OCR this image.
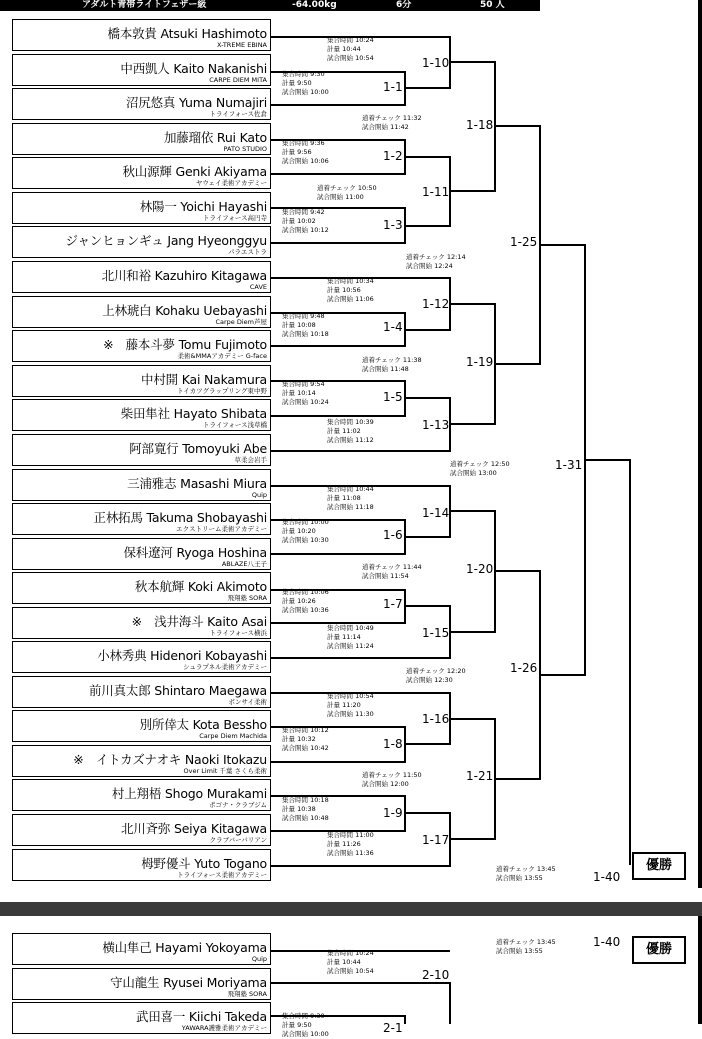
アダルト青帯ライトフェザー級	-64.00kg	6分	50 人
優勝
優勝
橋本敦貴 Atsuki Hashimoto
X-TREME EBINA
中西凱人 Kaito Nakanishi
CARPE DIEM MITA
沼尻悠真 Yuma Numajiri
トライフォース佐倉
加藤瑠依 Rui Kato
PATO STUDIO
秋山源輝 Genki Akiyama
ヤウェイ柔術アカデミー
林陽一 Yoichi Hayashi
トライフォース高円寺
ジャンヒョンギュ Jang Hyeonggyu
パラエストラ
北川和裕 Kazuhiro Kitagawa
CAVE
上林琥白 Kohaku Uebayashi
Carpe Diem芦屋
※　藤本斗夢 Tomu Fujimoto
柔術&MMAアカデミー G-face
中村開 Kai Nakamura
トイカツグラップリング東中野
柴田隼社 Hayato Shibata
トライフォース浅草橋
阿部寛行 Tomoyuki Abe
草柔会岩手
三浦雅志 Masashi Miura
Quip
正林拓馬 Takuma Shobayashi
エクストリーム柔術アカデミー
保科遼河 Ryoga Hoshina
ABLAZE八王子
秋本航輝 Koki Akimoto
飛翔塾 SORA
※　浅井海斗 Kaito Asai
トライフォース横浜
小林秀典 Hidenori Kobayashi
シュラプネル柔術アカデミー
前川真太郎 Shintaro Maegawa
ボンサイ柔術
別所倖太 Kota Bessho
Carpe Diem Machida
※　イトカズナオキ Naoki Itokazu
Over Limit 千葉 さくら柔術
村上翔梧 Shogo Murakami
ポゴナ・クラブジム
北川斉弥 Seiya Kitagawa
クラブバーバリアン
栂野優斗 Yuto Togano
トライフォース柔術アカデミー
横山隼己 Hayami Yokoyama
Quip
守山龍生 Ryusei Moriyama
飛翔塾 SORA
武田喜一 Kiichi Takeda
YAWARA護雅柔術アカデミー
1-1
集合時間 9:30
計量 9:50
試合開始 10:00
1-2
集合時間 9:36
計量 9:56
試合開始 10:06
1-3
集合時間 9:42
計量 10:02
試合開始 10:12
1-4
集合時間 9:48
計量 10:08
試合開始 10:18
1-5
集合時間 9:54
計量 10:14
試合開始 10:24
1-6
集合時間 10:00
計量 10:20
試合開始 10:30
1-7
集合時間 10:06
計量 10:26
試合開始 10:36
1-8
集合時間 10:12
計量 10:32
試合開始 10:42
1-9
集合時間 10:18
計量 10:38
試合開始 10:48
1-10
集合時間 10:24
計量 10:44
試合開始 10:54
1-11
道着チェック 10:50
試合開始 11:00
1-12
集合時間 10:34
計量 10:56
試合開始 11:06
1-13
集合時間 10:39
計量 11:02
試合開始 11:12
1-14
集合時間 10:44
計量 11:08
試合開始 11:18
1-15
集合時間 10:49
計量 11:14
試合開始 11:24
1-16
集合時間 10:54
計量 11:20
試合開始 11:30
1-17
集合時間 11:00
計量 11:26
試合開始 11:36
1-18
道着チェック 11:32
試合開始 11:42
1-19
道着チェック 11:38
試合開始 11:48
1-20
道着チェック 11:44
試合開始 11:54
1-21
道着チェック 11:50
試合開始 12:00
1-25
道着チェック 12:14
試合開始 12:24
1-26
道着チェック 12:20
試合開始 12:30
1-31
道着チェック 12:50
試合開始 13:00
1-40
道着チェック 13:45
試合開始 13:55
2-1
集合時間 9:30
計量 9:50
試合開始 10:00
2-10
集合時間 10:24
計量 10:44
試合開始 10:54
1-40
道着チェック 13:45
試合開始 13:55
